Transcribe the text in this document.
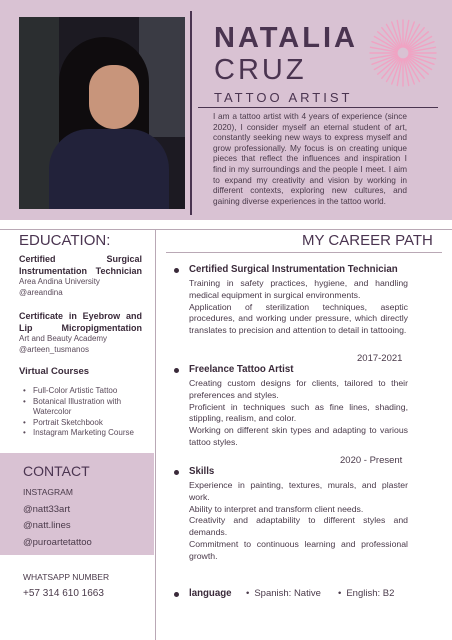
NATALIA
CRUZ
TATTOO ARTIST
I am a tattoo artist with 4 years of experience (since 2020), I consider myself an eternal student of art, constantly seeking new ways to express myself and grow professionally. My focus is on creating unique pieces that reflect the influences and inspiration I find in my surroundings and the people I meet. I aim to expand my creativity and vision by working in different contexts, exploring new cultures, and gaining diverse experiences in the tattoo world.
EDUCATION:
Certified Surgical Instrumentation Technician
Area Andina University
@areandina
Certificate in Eyebrow and Lip Micropigmentation
Art and Beauty Academy
@arteen_tusmanos
Virtual Courses
• Full-Color Artistic Tattoo
• Botanical Illustration with Watercolor
• Portrait Sketchbook
• Instagram Marketing Course
CONTACT
INSTAGRAM
@natt33art
@natt.lines
@puroartetattoo
WHATSAPP NUMBER
+57 314 610 1663
MY CAREER PATH
Certified Surgical Instrumentation Technician

Training in safety practices, hygiene, and handling medical equipment in surgical environments.

Application of sterilization techniques, aseptic procedures, and working under pressure, which directly translates to precision and attention to detail in tattooing.

2017-2021
Freelance Tattoo Artist

Creating custom designs for clients, tailored to their preferences and styles.

Proficient in techniques such as fine lines, shading, stippling, realism, and color.

Working on different skin types and adapting to various tattoo styles.

2020 - Present
Skills

Experience in painting, textures, murals, and plaster work.

Ability to interpret and transform client needs.

Creativity and adaptability to different styles and demands.

Commitment to continuous learning and professional growth.

language	• Spanish: Native	• English: B2
